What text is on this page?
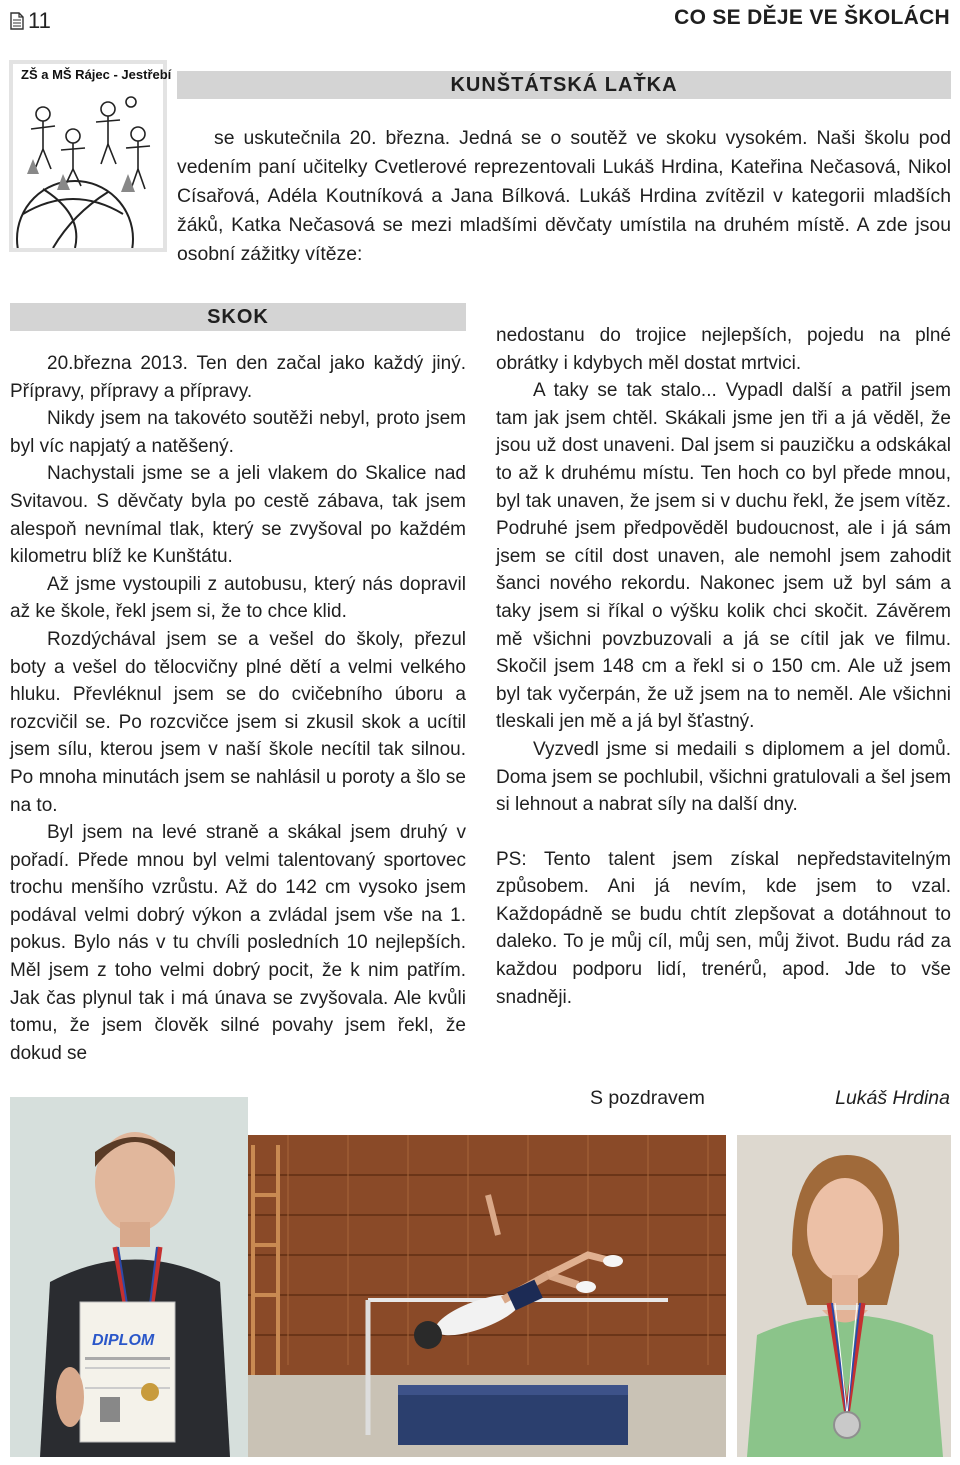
11	CO SE DĚJE VE ŠKOLÁCH
ZŠ a MŠ Rájec - Jestřebí	KUNŠTÁTSKÁ LAŤKA
se uskutečnila 20. března. Jedná se o soutěž ve skoku vysokém. Naši školu pod vedením paní učitelky Cvetlerové reprezentovali Lukáš Hrdina, Kateřina Nečasová, Nikol Císařová, Adéla Koutníková a Jana Bílková. Lukáš Hrdina zvítězil v kategorii mladších žáků, Katka Nečasová se mezi mladšími děvčaty umístila na druhém místě. A zde jsou osobní zážitky vítěze:
SKOK

20.března 2013. Ten den začal jako každý jiný. Přípravy, přípravy a přípravy.

Nikdy jsem na takovéto soutěži nebyl, proto jsem byl víc napjatý a natěšený.

Nachystali jsme se a jeli vlakem do Skalice nad Svitavou. S děvčaty byla po cestě zábava, tak jsem alespoň nevnímal tlak, který se zvyšoval po každém kilometru blíž ke Kunštátu.

Až jsme vystoupili z autobusu, který nás dopravil až ke škole, řekl jsem si, že to chce klid.

Rozdýchával jsem se a vešel do školy, přezul boty a vešel do tělocvičny plné dětí a velmi velkého hluku. Převléknul jsem se do cvičebního úboru a rozcvičil se. Po rozcvičce jsem si zkusil skok a ucítil jsem sílu, kterou jsem v naší škole necítil tak silnou. Po mnoha minutách jsem se nahlásil u poroty a šlo se na to.

Byl jsem na levé straně a skákal jsem druhý v pořadí. Přede mnou byl velmi talentovaný sportovec trochu menšího vzrůstu. Až do 142 cm vysoko jsem podával velmi dobrý výkon a zvládal jsem vše na 1. pokus. Bylo nás v tu chvíli posledních 10 nejlepších. Měl jsem z toho velmi dobrý pocit, že k nim patřím. Jak čas plynul tak i má únava se zvyšovala. Ale kvůli tomu, že jsem člověk silné povahy jsem řekl, že dokud se

nedostanu do trojice nejlepších, pojedu na plné obrátky i kdybych měl dostat mrtvici.

A taky se tak stalo... Vypadl další a patřil jsem tam jak jsem chtěl. Skákali jsme jen tři a já věděl, že jsou už dost unaveni. Dal jsem si pauzičku a odskákal to až k druhému místu. Ten hoch co byl přede mnou, byl tak unaven, že jsem si v duchu řekl, že jsem vítěz. Podruhé jsem předpověděl budoucnost, ale i já sám jsem se cítil dost unaven, ale nemohl jsem zahodit šanci nového rekordu. Nakonec jsem už byl sám a taky jsem si říkal o výšku kolik chci skočit. Závěrem mě všichni povzbuzovali a já se cítil jak ve filmu. Skočil jsem 148 cm a řekl si o 150 cm. Ale už jsem byl tak vyčerpán, že už jsem na to neměl. Ale všichni tleskali jen mě a já byl šťastný.

Vyzvedl jsme si medaili s diplomem a jel domů. Doma jsem se pochlubil, všichni gratulovali a šel jsem si lehnout a nabrat síly na další dny.

PS: Tento talent jsem získal nepředstavitelným způsobem. Ani já nevím, kde jsem to vzal. Každopádně se budu chtít zlepšovat a dotáhnout to daleko. To je můj cíl, můj sen, můj život. Budu rád za každou podporu lidí, trenérů, apod. Jde to vše snadněji.

S pozdravem	Lukáš Hrdina
DIPLOM
